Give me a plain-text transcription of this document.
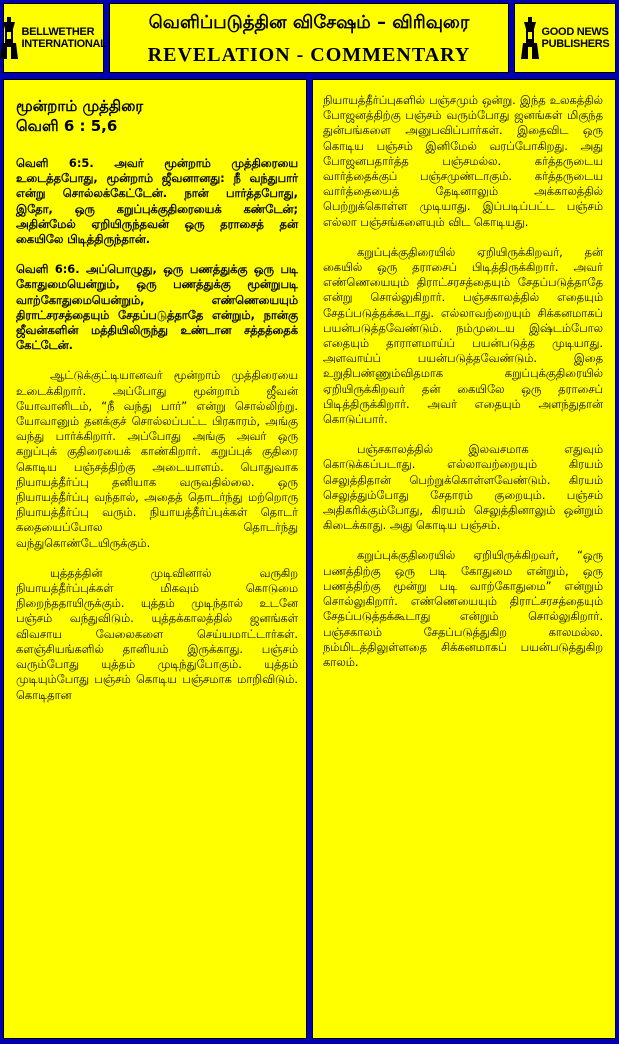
BELLWETHER
INTERNATIONAL
வெளிப்படுத்தின விசேஷம் – விரிவுரை
REVELATION - COMMENTARY
GOOD NEWS
PUBLISHERS
மூன்றாம் முத்திரை
வெளி 6 : 5,6

வெளி 6:5. அவர் மூன்றாம் முத்திரையை உடைத்தபோது, மூன்றாம் ஜீவனானது: நீ வந்துபார் என்று சொல்லக்கேட்டேன். நான் பார்த்தபோது, இதோ, ஒரு கறுப்புக்குதிரையைக் கண்டேன்; அதின்மேல் ஏறியிருந்தவன் ஒரு தராசைத் தன் கையிலே பிடித்திருந்தான்.

வெளி 6:6. அப்பொழுது, ஒரு பணத்துக்கு ஒரு படி கோதுமையென்றும், ஒரு பணத்துக்கு மூன்றுபடி வாற்கோதுமையென்றும், எண்ணெயையும் திராட்சரசத்தையும் சேதப்படுத்தாதே என்றும், நான்கு ஜீவன்களின் மத்தியிலிருந்து உண்டான சத்தத்தைக் கேட்டேன்.

ஆட்டுக்குட்டியானவர் மூன்றாம் முத்திரையை உடைக்கிறார். அப்போது மூன்றாம் ஜீவன் யோவானிடம், “நீ வந்து பார்” என்று சொல்லிற்று. யோவானும் தனக்குச் சொல்லப்பட்ட பிரகாரம், அங்கு வந்து பார்க்கிறார். அப்போது அங்கு அவர் ஒரு கறுப்புக் குதிரையைக் காண்கிறார். கறுப்புக் குதிரை கொடிய பஞ்சத்திற்கு அடையாளம். பொதுவாக நியாயத்தீர்ப்பு தனியாக வருவதில்லை. ஒரு நியாயத்தீர்ப்பு வந்தால், அதைத் தொடர்ந்து மற்றொரு நியாயத்தீர்ப்பு வரும். நியாயத்தீர்ப்புக்கள் தொடர் கதையைப்போல தொடர்ந்து வந்துகொண்டேயிருக்கும்.

யுத்தத்தின் முடிவினால் வருகிற நியாயத்தீர்ப்புக்கள் மிகவும் கொடுமை நிறைந்ததாயிருக்கும். யுத்தம் முடிந்தால் உடனே பஞ்சம் வந்துவிடும். யுத்தக்காலத்தில் ஜனங்கள் விவசாய வேலைகளை செய்யமாட்டார்கள். களஞ்சியங்களில் தானியம் இருக்காது. பஞ்சம் வரும்போது யுத்தம் முடிந்துபோகும். யுத்தம் முடியும்போது பஞ்சம் கொடிய பஞ்சமாக மாறிவிடும். கொடிதான

நியாயத்தீர்ப்புகளில் பஞ்சமும் ஒன்று. இந்த உலகத்தில் போஜனத்திற்கு பஞ்சம் வரும்போது ஜனங்கள் மிகுந்த துன்பங்களை அனுபவிப்பார்கள். இதைவிட ஒரு கொடிய பஞ்சம் இனிமேல் வரப்போகிறது. அது போஜனபதார்த்த பஞ்சமல்ல. கர்த்தருடைய வார்த்தைக்குப் பஞ்சமுண்டாகும். கர்த்தருடைய வார்த்தையைத் தேடினாலும் அக்காலத்தில் பெற்றுக்கொள்ள முடியாது. இப்படிப்பட்ட பஞ்சம் எல்லா பஞ்சங்களையும் விட கொடியது.

கறுப்புக்குதிரையில் ஏறியிருக்கிறவர், தன் கையில் ஒரு தராசைப் பிடித்திருக்கிறார். அவர் எண்ணெயையும் திராட்சரசத்தையும் சேதப்படுத்தாதே என்று சொல்லுகிறார். பஞ்சகாலத்தில் எதையும் சேதப்படுத்தக்கூடாது. எல்லாவற்றையும் சிக்கனமாகப் பயன்படுத்தவேண்டும். நம்முடைய இஷ்டம்போல எதையும் தாராளமாய்ப் பயன்படுத்த முடியாது. அளவாய்ப் பயன்படுத்தவேண்டும். இதை உறுதிபண்ணும்விதமாக கறுப்புக்குதிரையில் ஏறியிருக்கிறவர் தன் கையிலே ஒரு தராசைப் பிடித்திருக்கிறார். அவர் எதையும் அளந்துதான் கொடுப்பார்.

பஞ்சகாலத்தில் இலவசமாக எதுவும் கொடுக்கப்படாது. எல்லாவற்றையும் கிரயம் செலுத்திதான் பெற்றுக்கொள்ளவேண்டும். கிரயம் செலுத்தும்போது சேதாரம் குறையும். பஞ்சம் அதிகரிக்கும்போது, கிரயம் செலுத்தினாலும் ஒன்றும் கிடைக்காது. அது கொடிய பஞ்சம்.

கறுப்புக்குதிரையில் ஏறியிருக்கிறவர், “ஒரு பணத்திற்கு ஒரு படி கோதுமை என்றும், ஒரு பணத்திற்கு மூன்று படி வாற்கோதுமை” என்றும் சொல்லுகிறார். எண்ணெயையும் திராட்சரசத்தையும் சேதப்படுத்தக்கூடாது என்றும் சொல்லுகிறார். பஞ்சகாலம் சேதப்படுத்துகிற காலமல்ல. நம்மிடத்திலுள்ளதை சிக்கனமாகப் பயன்படுத்துகிற காலம்.
